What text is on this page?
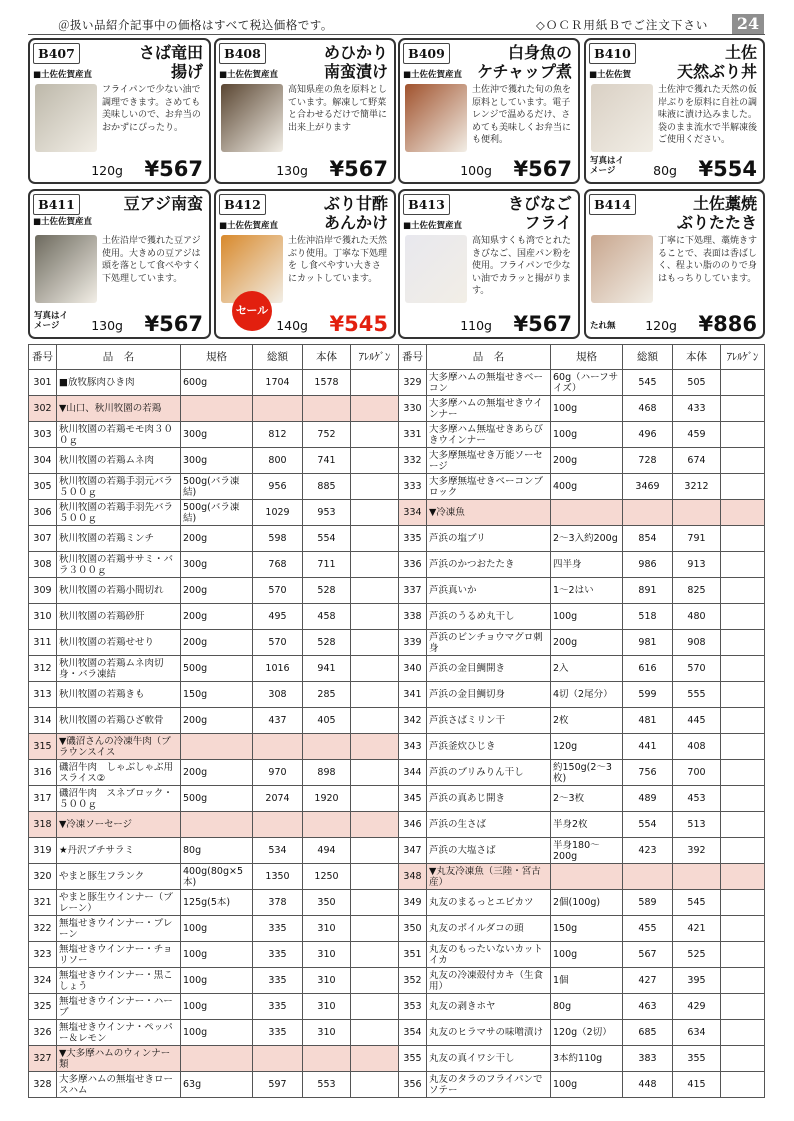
＠扱い品紹介記事中の価格はすべて税込価格です。	◇ＯＣＲ用紙Ｂでご注文下さい	24
B407	さば竜田
揚げ
■土佐佐賀産直
フライパンで少ない油で調理できます。さめても美味しいので、お弁当のおかずにぴったり。
120g ¥567
B408	めひかり
南蛮漬け
■土佐佐賀産直
高知県産の魚を原料としています。解凍して野菜と合わせるだけで簡単に出来上がります
130g ¥567
B409	白身魚の
ケチャップ煮
■土佐佐賀産直
土佐沖で獲れた旬の魚を原料としています。電子レンジで温めるだけ、さめても美味しくお弁当にも便利。
100g ¥567
B410	土佐
天然ぶり丼
■土佐佐賀
土佐沖で獲れた天然の仮岸ぶりを原料に自社の調味液に漬け込みました。袋のまま流水で半解凍後ご使用ください。
80g ¥554
写真はイメージ
B411	豆アジ南蛮
■土佐佐賀産直
土佐沿岸で獲れた豆アジ使用。大きめの豆アジは頭を落として食べやすく下処理しています。
130g ¥567
写真はイメージ
B412	ぶり甘酢
あんかけ
■土佐佐賀産直
土佐沖沿岸で獲れた天然ぶり使用。丁寧な下処理を し食べやすい大きさにカットしています。
140g ¥545
セール
B413	きびなご
フライ
■土佐佐賀産直
高知県すくも湾でとれたきびなご、国産パン粉を使用。フライパンで少ない油でカラッと揚がります。
110g ¥567
B414	土佐藁焼
ぶりたたき
丁寧に下処理、藁焼きすることで、表面は香ばしく、程よい脂ののりで身はもっちりしています。
120g ¥886
たれ無
番号	品　名	規格	総額	本体	ｱﾚﾙｹﾞﾝ
301	■放牧豚肉ひき肉	600g	1704	1578	
302	▼山口、秋川牧園の若鶏				

303	秋川牧園の若鶏モモ肉３００ｇ	300g	812	752	
304	秋川牧園の若鶏ムネ肉	300g	800	741	
305	秋川牧園の若鶏手羽元バラ５００ｇ	500g(バラ凍結)	956	885	
306	秋川牧園の若鶏手羽先バラ５００ｇ	500g(バラ凍結)	1029	953	
307	秋川牧園の若鶏ミンチ	200g	598	554	
308	秋川牧園の若鶏ササミ・バラ３００ｇ	300g	768	711	
309	秋川牧園の若鶏小間切れ	200g	570	528	
310	秋川牧園の若鶏砂肝	200g	495	458	
311	秋川牧園の若鶏せせり	200g	570	528	
312	秋川牧園の若鶏ムネ肉切身・バラ凍結	500g	1016	941	
313	秋川牧園の若鶏きも	150g	308	285	
314	秋川牧園の若鶏ひざ軟骨	200g	437	405	
315	▼磯沼さんの冷凍牛肉（ブラウンスイス				

316	磯沼牛肉　しゃぶしゃぶ用スライス②	200g	970	898	
317	磯沼牛肉　スネブロック・５００ｇ	500g	2074	1920	
318	▼冷凍ソーセージ				

319	★丹沢プチサラミ	80g	534	494	
320	やまと豚生フランク	400g(80g×5本)	1350	1250	
321	やまと豚生ウインナー（プレーン）	125g(5本)	378	350	
322	無塩せきウインナー・プレーン	100g	335	310	
323	無塩せきウインナー・チョリソー	100g	335	310	
324	無塩せきウインナー・黒こしょう	100g	335	310	
325	無塩せきウインナー・ハーブ	100g	335	310	
326	無塩せきウインナ・ペッパー＆レモン	100g	335	310	
327	▼大多摩ハムのウィンナー類				

328	大多摩ハムの無塩せきロースハム	63g	597	553	
番号	品　名	規格	総額	本体	ｱﾚﾙｹﾞﾝ
329	大多摩ハムの無塩せきベーコン	60g（ハーフサイズ）	545	505	
330	大多摩ハムの無塩せきウインナー	100g	468	433	
331	大多摩ハム無塩せきあらびきウインナー	100g	496	459	
332	大多摩無塩せき万能ソーセージ	200g	728	674	
333	大多摩無塩せきベーコンブロック	400g	3469	3212	
334	▼冷凍魚				

335	芦浜の塩ブリ	2～3入約200g	854	791	
336	芦浜のかつおたたき	四半身	986	913	
337	芦浜真いか	1～2はい	891	825	
338	芦浜のうるめ丸干し	100g	518	480	
339	芦浜のビンチョウマグロ刺身	200g	981	908	
340	芦浜の金目鯛開き	2入	616	570	
341	芦浜の金目鯛切身	4切（2尾分）	599	555	
342	芦浜さばミリン干	2枚	481	445	
343	芦浜釜炊ひじき	120g	441	408	
344	芦浜のブリみりん干し	約150g(2～3枚)	756	700	
345	芦浜の真あじ開き	2～3枚	489	453	
346	芦浜の生さば	半身2枚	554	513	
347	芦浜の大塩さば	半身180～200g	423	392	
348	▼丸友冷凍魚（三陸・宮古産）				

349	丸友のまるっとエビカツ	2個(100g)	589	545	
350	丸友のボイルダコの頭	150g	455	421	
351	丸友のもったいないカットイカ	100g	567	525	
352	丸友の冷凍殻付カキ（生食用）	1個	427	395	
353	丸友の剥きホヤ	80g	463	429	
354	丸友のヒラマサの味噌漬け	120g（2切）	685	634	
355	丸友の真イワシ干し	3本約110g	383	355	
356	丸友のタラのフライパンでソテー	100g	448	415	
